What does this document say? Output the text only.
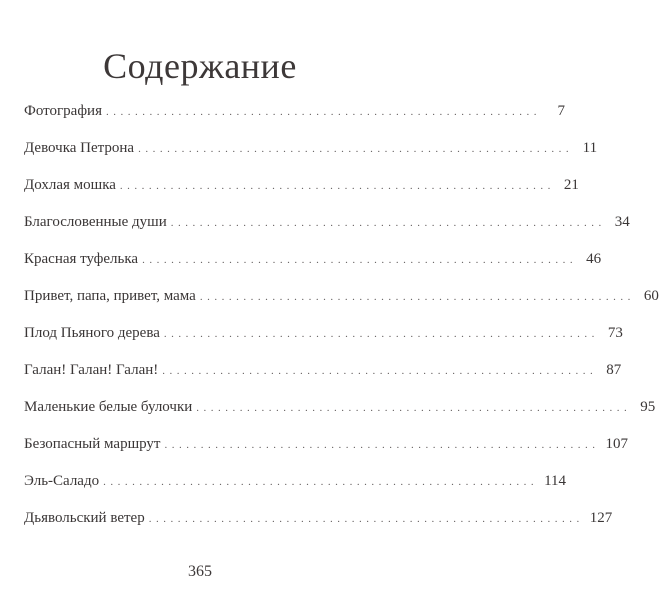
Содержание
Фотография ............................................................	7
Девочка Петрона ............................................................ 11
Дохлая мошка ............................................................ 21
Благословенные души ............................................................ 34
Красная туфелька ............................................................ 46
Привет, папа, привет, мама ............................................................ 60
Плод Пьяного дерева ............................................................ 73
Галан! Галан! Галан! ............................................................ 87
Маленькие белые булочки ............................................................ 95
Безопасный маршрут ............................................................ 107
Эль-Саладо ............................................................ 114
Дьявольский ветер ............................................................ 127
365
